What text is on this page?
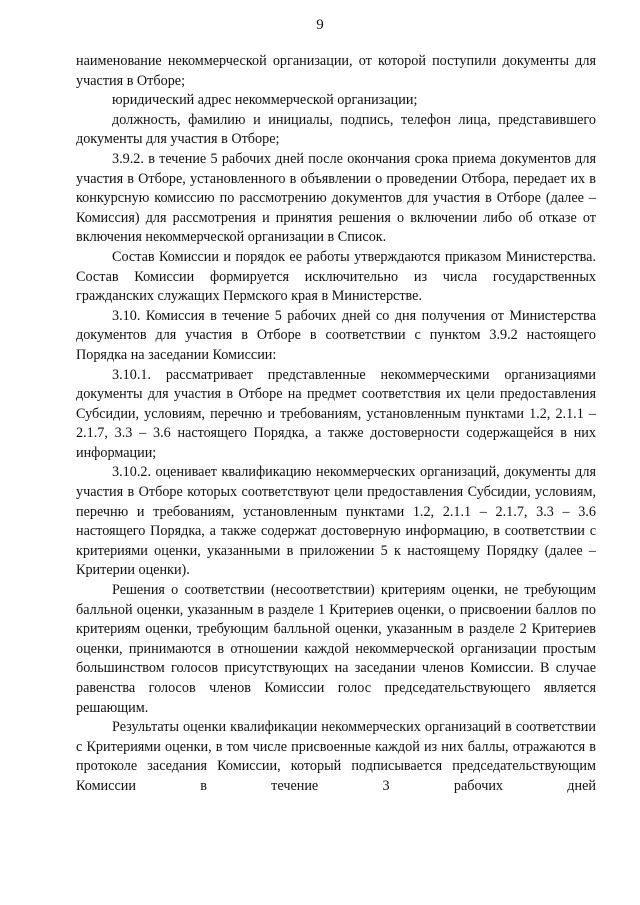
9

наименование некоммерческой организации, от которой поступили документы для участия в Отборе;

юридический адрес некоммерческой организации;

должность, фамилию и инициалы, подпись, телефон лица, представившего документы для участия в Отборе;

3.9.2. в течение 5 рабочих дней после окончания срока приема документов для участия в Отборе, установленного в объявлении о проведении Отбора, передает их в конкурсную комиссию по рассмотрению документов для участия в Отборе (далее – Комиссия) для рассмотрения и принятия решения о включении либо об отказе от включения некоммерческой организации в Список.

Состав Комиссии и порядок ее работы утверждаются приказом Министерства. Состав Комиссии формируется исключительно из числа государственных гражданских служащих Пермского края в Министерстве.

3.10. Комиссия в течение 5 рабочих дней со дня получения от Министерства документов для участия в Отборе в соответствии с пунктом 3.9.2 настоящего Порядка на заседании Комиссии:

3.10.1. рассматривает представленные некоммерческими организациями документы для участия в Отборе на предмет соответствия их цели предоставления Субсидии, условиям, перечню и требованиям, установленным пунктами 1.2, 2.1.1 – 2.1.7, 3.3 – 3.6 настоящего Порядка, а также достоверности содержащейся в них информации;

3.10.2. оценивает квалификацию некоммерческих организаций, документы для участия в Отборе которых соответствуют цели предоставления Субсидии, условиям, перечню и требованиям, установленным пунктами 1.2, 2.1.1 – 2.1.7, 3.3 – 3.6 настоящего Порядка, а также содержат достоверную информацию, в соответствии с критериями оценки, указанными в приложении 5 к настоящему Порядку (далее – Критерии оценки).

Решения о соответствии (несоответствии) критериям оценки, не требующим балльной оценки, указанным в разделе 1 Критериев оценки, о присвоении баллов по критериям оценки, требующим балльной оценки, указанным в разделе 2 Критериев оценки, принимаются в отношении каждой некоммерческой организации простым большинством голосов присутствующих на заседании членов Комиссии. В случае равенства голосов членов Комиссии голос председательствующего является решающим.

Результаты оценки квалификации некоммерческих организаций в соответствии с Критериями оценки, в том числе присвоенные каждой из них баллы, отражаются в протоколе заседания Комиссии, который подписывается председательствующим Комиссии в течение 3 рабочих дней
